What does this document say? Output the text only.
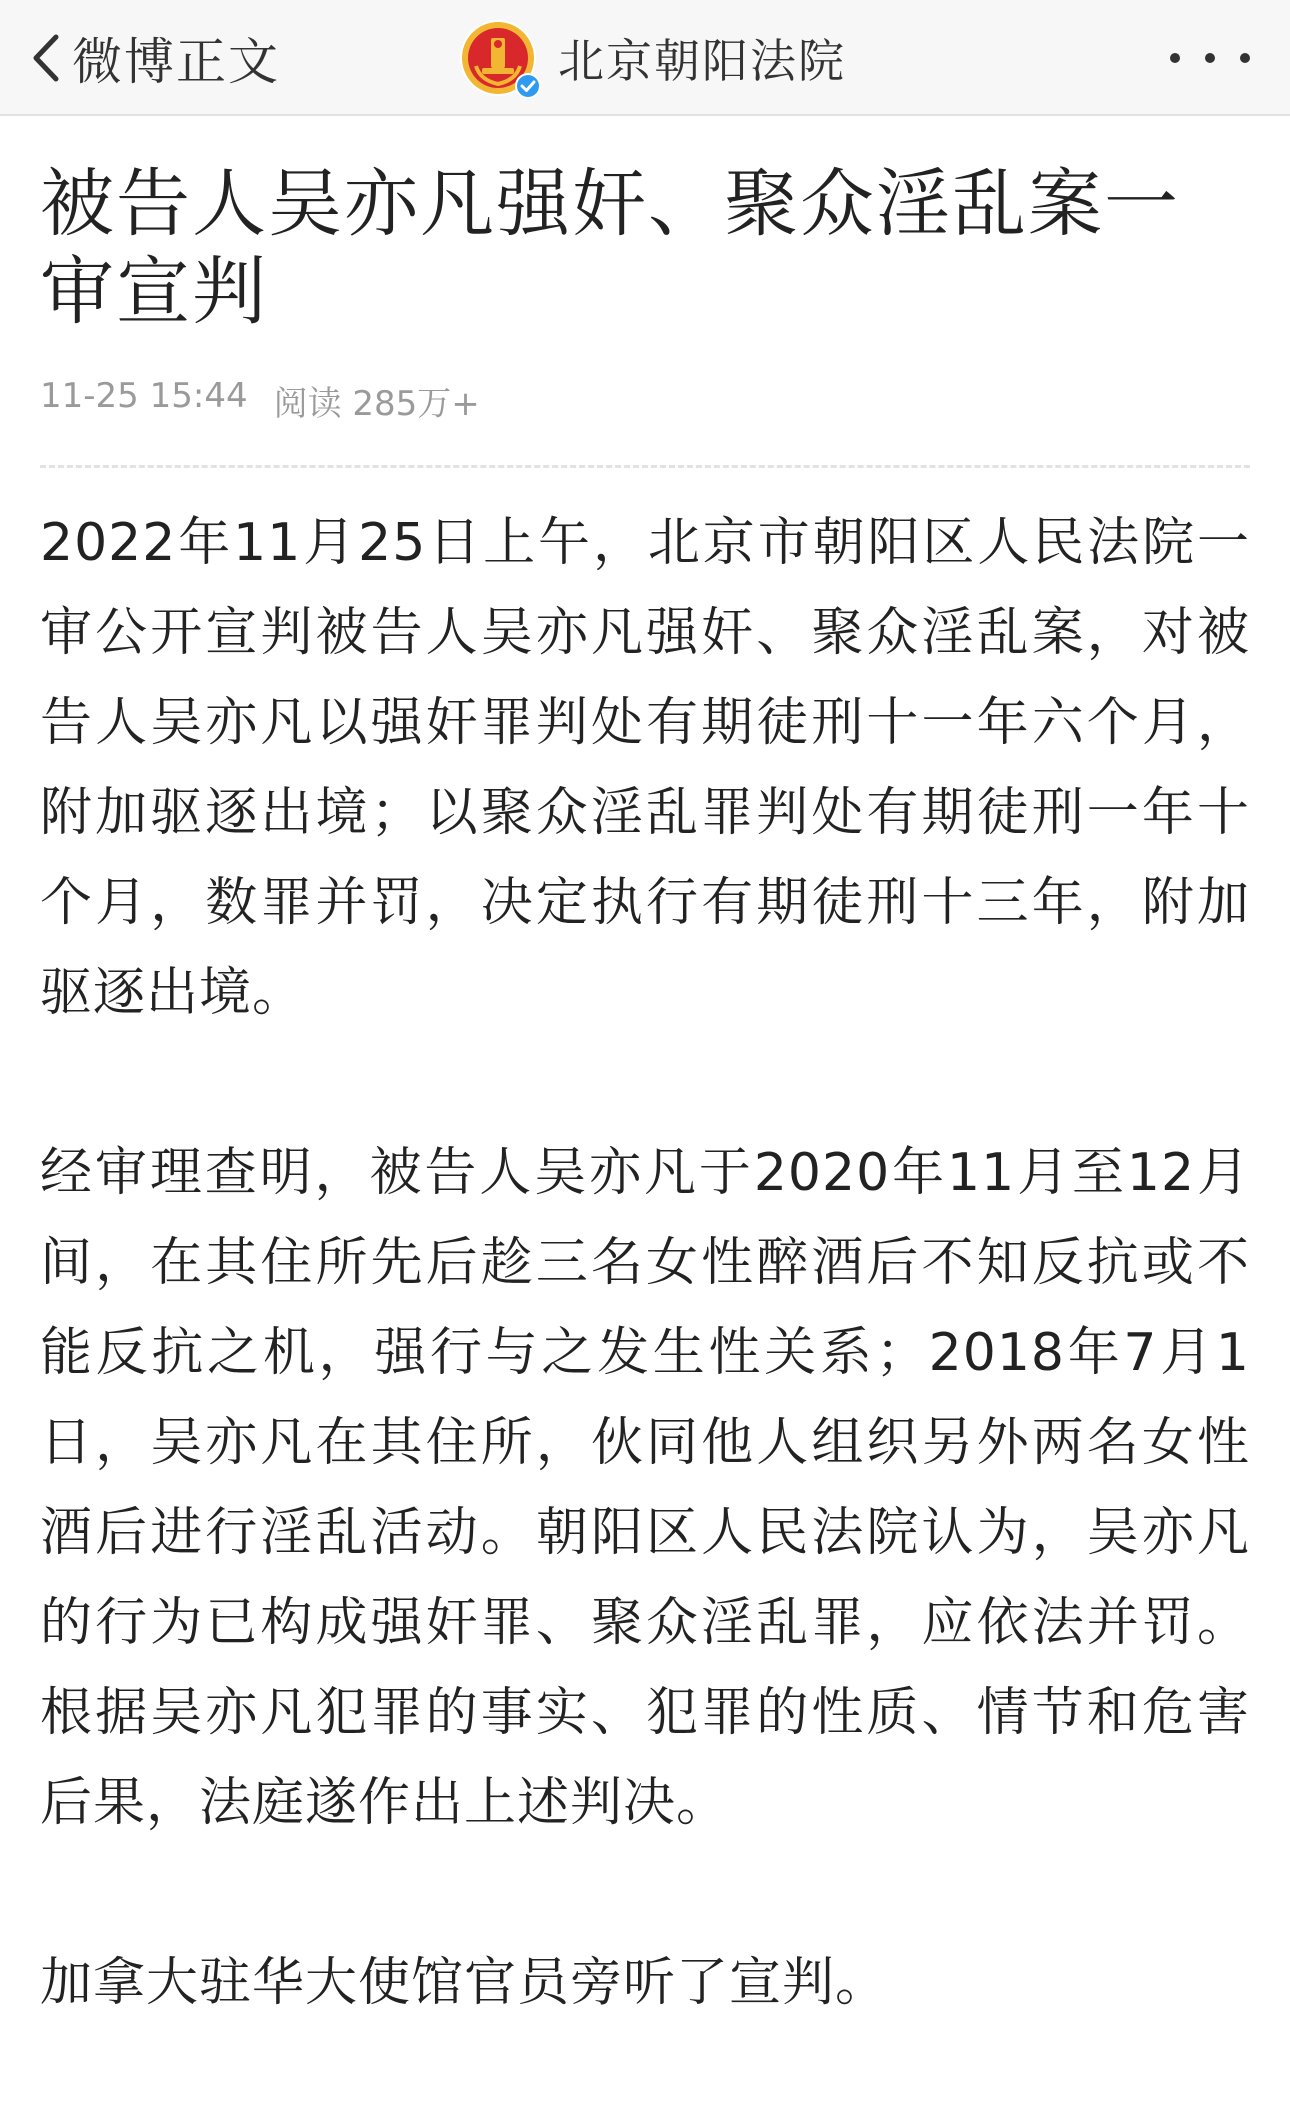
微博正文	北京朝阳法院
被告人吴亦凡强奸、聚众淫乱案一审宣判
11-25 15:44 阅读 285万+

2022年11月25日上午，北京市朝阳区人民法院一审公开宣判被告人吴亦凡强奸、聚众淫乱案，对被告人吴亦凡以强奸罪判处有期徒刑十一年六个月，附加驱逐出境；以聚众淫乱罪判处有期徒刑一年十个月，数罪并罚，决定执行有期徒刑十三年，附加驱逐出境。

经审理查明，被告人吴亦凡于2020年11月至12月间，在其住所先后趁三名女性醉酒后不知反抗或不能反抗之机，强行与之发生性关系；2018年7月1日，吴亦凡在其住所，伙同他人组织另外两名女性酒后进行淫乱活动。朝阳区人民法院认为，吴亦凡的行为已构成强奸罪、聚众淫乱罪，应依法并罚。根据吴亦凡犯罪的事实、犯罪的性质、情节和危害后果，法庭遂作出上述判决。

加拿大驻华大使馆官员旁听了宣判。
